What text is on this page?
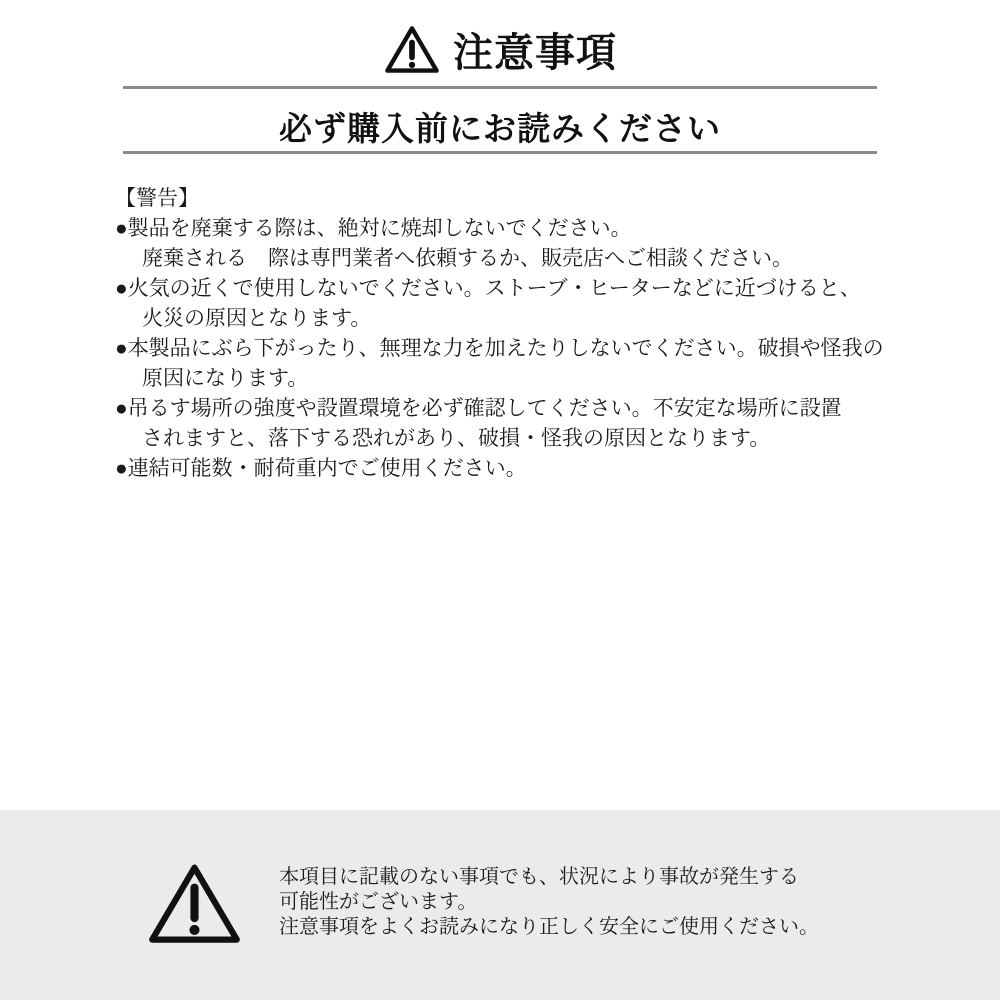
注意事項
必ず購入前にお読みください
【警告】
●製品を廃棄する際は、絶対に焼却しないでください。
廃棄される　際は専門業者へ依頼するか、販売店へご相談ください。
●火気の近くで使用しないでください。ストーブ・ヒーターなどに近づけると、
火災の原因となります。
●本製品にぶら下がったり、無理な力を加えたりしないでください。破損や怪我の
原因になります。
●吊るす場所の強度や設置環境を必ず確認してください。不安定な場所に設置
されますと、落下する恐れがあり、破損・怪我の原因となります。
●連結可能数・耐荷重内でご使用ください。
本項目に記載のない事項でも、状況により事故が発生する
可能性がございます。
注意事項をよくお読みになり正しく安全にご使用ください。
